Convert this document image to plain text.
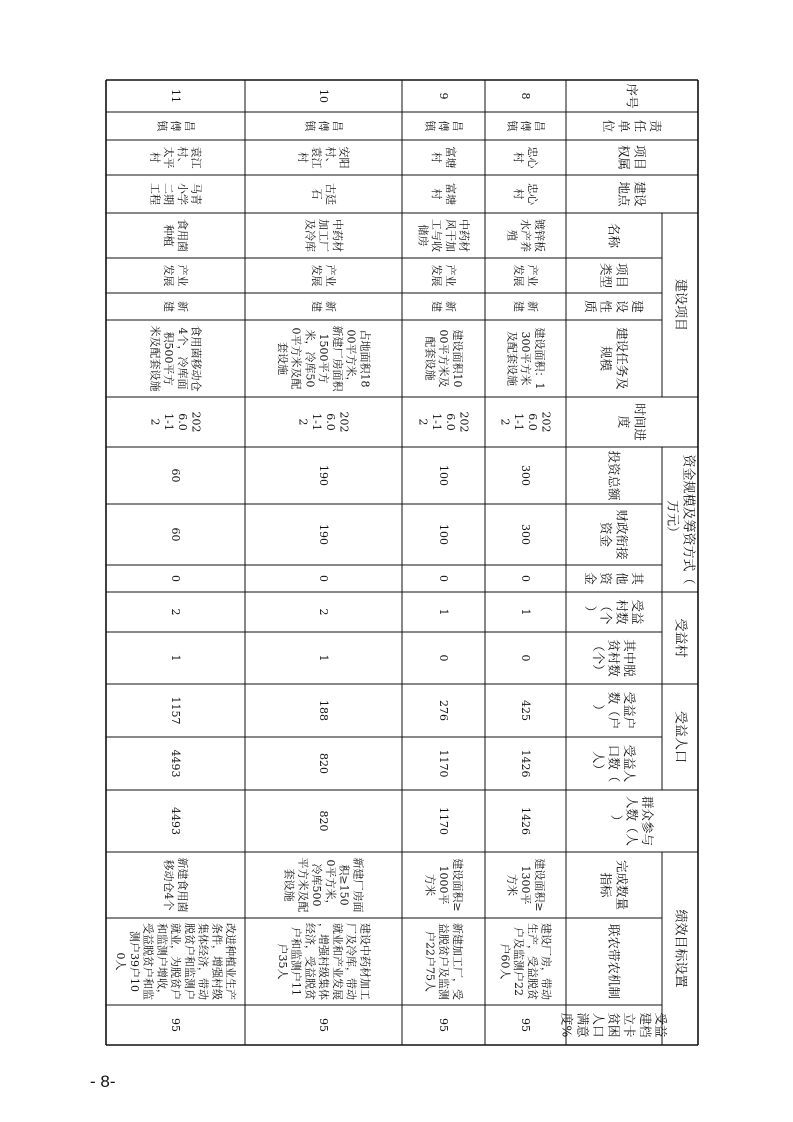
序号
责
任
单
位
项目
权属
建设
地点
名称
项目
类型
建
设
性
质
建设任务及
规模
时间进
度
投资总额
财政衔接
资金
其
他
资
金
受益
村数
（个
）
其中脱
贫村数
（个）
受益户
数（户
）
受益人
口数（
人）
群众参与
人数（人
）
完成数量
指标
联农带农机制
受益
建档
立卡
贫困
人口
满意
度%
建设项目
资金规模及筹资方式（
万元）
受益村
受益人口
绩效目标设置
8
昌
傅
镇
忠心
村
忠心
村
镀锌板
水产养
殖
产业
发展
新
建
建设面积：1
300平方米
及配套设施
202
6.0
1-1
2
300
300
0
1
0
425
1426
1426
建设面积≥
1300平
方米
建设厂房，带动
生产，受益脱贫
户及监测户22
户60人
95
9
昌
傅
镇
富塘
村
富塘
村
中药材
风干加
工与收
储房
产业
发展
新
建
建设面积10
00平方米及
配套设施
202
6.0
1-1
2
100
100
0
1
0
276
1170
1170
建设面积≥
1000平
方米
新建加工厂，受
益脱贫户及监测
户22户75人
95
10
昌
傅
镇
安阳
村、
袁江
村
古廷
石
中药材
加工厂
及冷库
产业
发展
新
建
占地面积18
00平方米，
新建厂房面积
1500平方
米，冷库50
0平方米及配
套设施
202
6.0
1-1
2
190
190
0
2
1
188
820
820
新建厂房面
积≥150
0平方米，
冷库500
平方米及配
套设施
建设中药材加工
厂及冷库，带动
就业和产业发展
，增强村级集体
经济，受益脱贫
户和监测户11
户35人
95
11
昌
傅
镇
袁江
村、
太平
村
马青
小学
二期
工程
食用菌
种植
产业
发展
新
建
食用菌移动仓
4个，冷库面
积500平方
米及配套设施
202
6.0
1-1
2
60
60
0
2
1
1157
4493
4493
新建食用菌
移动仓4个
改进种植业生产
条件，增强村级
集体经济，带动
脱贫户和监测户
就业，为脱贫户
和监测户增收，
受益脱贫户和监
测户39户10
0人
95
- 8-
